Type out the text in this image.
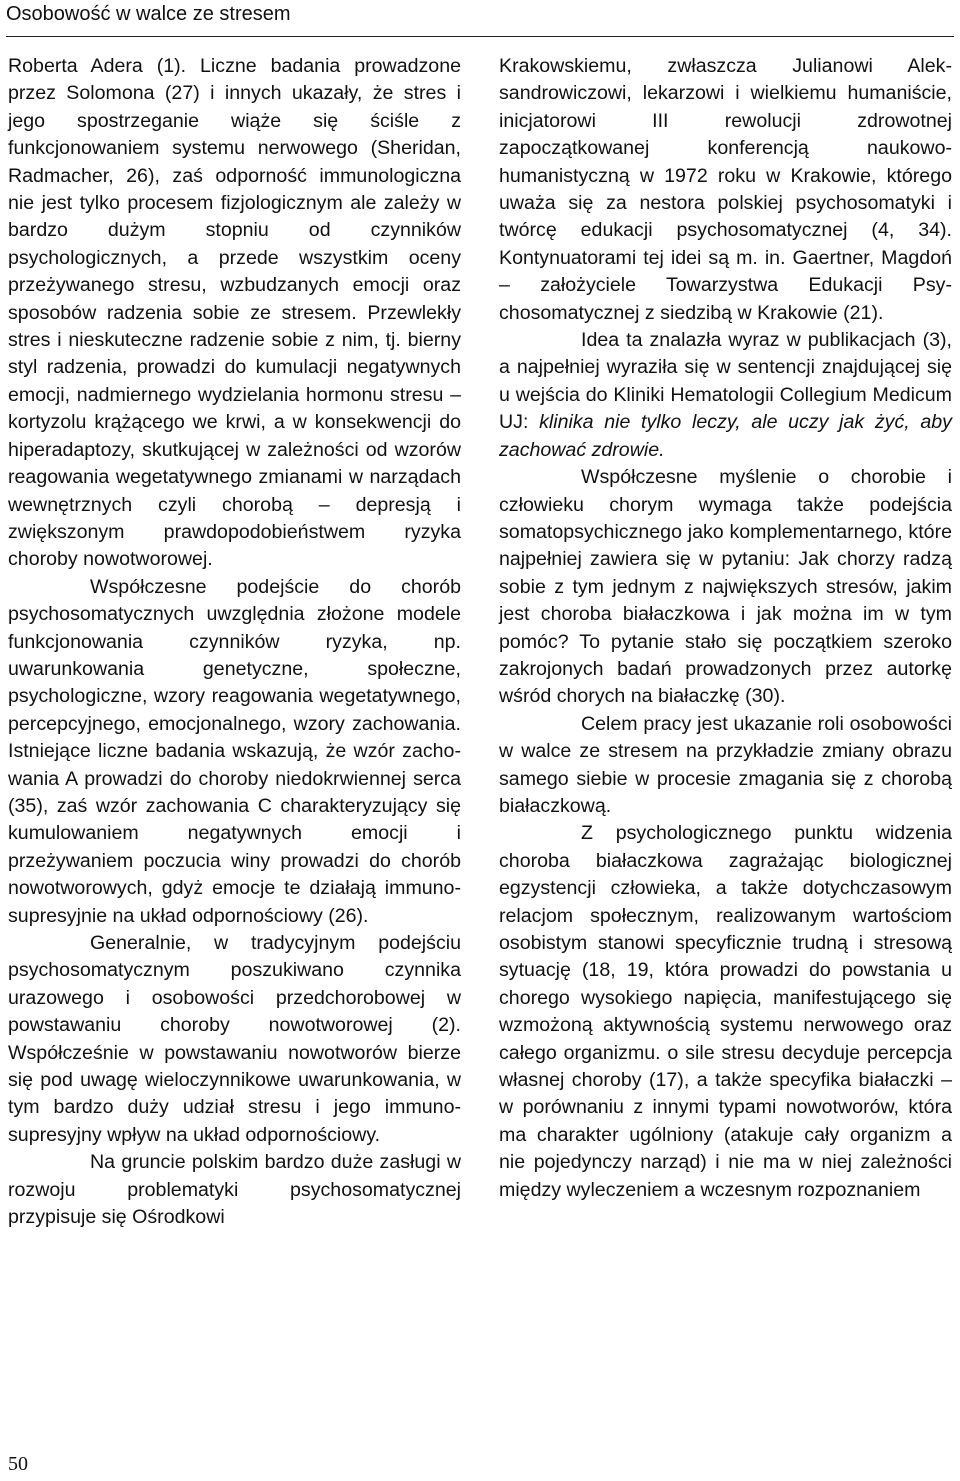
Osobowość w walce ze stresem

Roberta Adera (1). Liczne badania prowadzone przez Solomona (27) i innych ukazały, że stres i jego spostrzeganie wiąże się ściśle z funkcjonowaniem systemu nerwowego (Sheridan, Radmacher, 26), zaś odporność immunologiczna nie jest tylko procesem fizjologicznym ale zależy w bardzo dużym stopniu od czynników psychologicznych, a przede wszystkim oceny przeżywanego stresu, wzbudzanych emocji oraz sposobów radzenia sobie ze stresem. Przewlekły stres i nieskuteczne radzenie sobie z nim, tj. bierny styl radzenia, prowadzi do kumulacji negatywnych emocji, nadmiernego wydzielania hormonu stresu – kortyzolu krążącego we krwi, a w konsekwencji do hiperadaptozy, skutkującej w zależności od wzorów reagowania wegetatywnego zmianami w narządach wewnętrznych czyli chorobą – depresją i zwiększonym prawdopodobieństwem ryzyka choroby nowotworowej.

Współczesne podejście do chorób psychosomatycznych uwzględnia złożone modele funkcjonowania czynników ryzyka, np. uwarunkowania genetyczne, społeczne, psychologiczne, wzory reagowania wegetatywnego, percepcyjnego, emocjonalnego, wzory zachowania. Istniejące liczne badania wskazują, że wzór zachowania A prowadzi do choroby niedokrwiennej serca (35), zaś wzór zachowania C charakteryzujący się kumulowaniem negatywnych emocji i przeżywaniem poczucia winy prowadzi do chorób nowotworowych, gdyż emocje te działają immunosupresyjnie na układ odpornościowy (26).

Generalnie, w tradycyjnym podejściu psychosomatycznym poszukiwano czynnika urazowego i osobowości przedchorobowej w powstawaniu choroby nowotworowej (2). Współcześnie w powstawaniu nowotworów bierze się pod uwagę wieloczynnikowe uwarunkowania, w tym bardzo duży udział stresu i jego immunosupresyjny wpływ na układ odpornościowy.

Na gruncie polskim bardzo duże zasługi w rozwoju problematyki psychosomatycznej przypisuje się Ośrodkowi

Krakowskiemu, zwłaszcza Julianowi Aleksandrowiczowi, lekarzowi i wielkiemu humaniście, inicjatorowi III rewolucji zdrowotnej zapoczątkowanej konferencją naukowo-humanistyczną w 1972 roku w Krakowie, którego uważa się za nestora polskiej psychosomatyki i twórcę edukacji psychosomatycznej (4, 34). Kontynuatorami tej idei są m. in. Gaertner, Magdoń – założyciele Towarzystwa Edukacji Psychosomatycznej z siedzibą w Krakowie (21).

Idea ta znalazła wyraz w publikacjach (3), a najpełniej wyraziła się w sentencji znajdującej się u wejścia do Kliniki Hematologii Collegium Medicum UJ: klinika nie tylko leczy, ale uczy jak żyć, aby zachować zdrowie.

Współczesne myślenie o chorobie i człowieku chorym wymaga także podejścia somatopsychicznego jako komplementarnego, które najpełniej zawiera się w pytaniu: Jak chorzy radzą sobie z tym jednym z największych stresów, jakim jest choroba białaczkowa i jak można im w tym pomóc? To pytanie stało się początkiem szeroko zakrojonych badań prowadzonych przez autorkę wśród chorych na białaczkę (30).

Celem pracy jest ukazanie roli osobowości w walce ze stresem na przykładzie zmiany obrazu samego siebie w procesie zmagania się z chorobą białaczkową.

Z psychologicznego punktu widzenia choroba białaczkowa zagrażając biologicznej egzystencji człowieka, a także dotychczasowym relacjom społecznym, realizowanym wartościom osobistym stanowi specyficznie trudną i stresową sytuację (18, 19, która prowadzi do powstania u chorego wysokiego napięcia, manifestującego się wzmożoną aktywnością systemu nerwowego oraz całego organizmu. o sile stresu decyduje percepcja własnej choroby (17), a także specyfika białaczki – w porównaniu z innymi typami nowotworów, która ma charakter ugólniony (atakuje cały organizm a nie pojedynczy narząd) i nie ma w niej zależności między wyleczeniem a wczesnym rozpoznaniem

50
